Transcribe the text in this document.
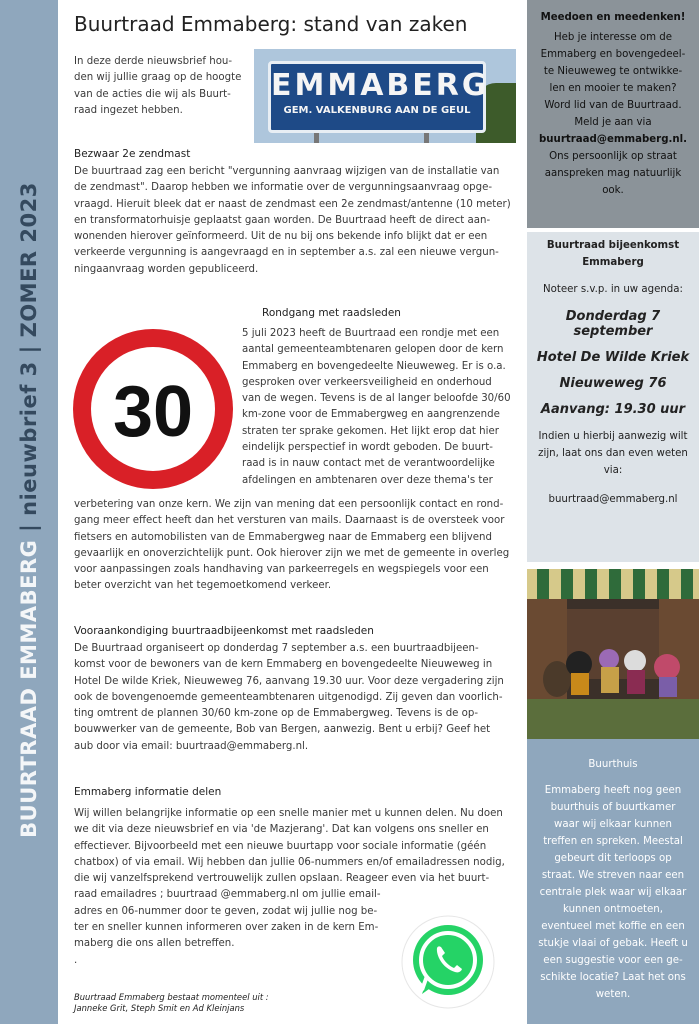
BUURTRAAD EMMABERG | nieuwbrief 3 | ZOMER 2023
Buurtraad Emmaberg: stand van zaken
In deze derde nieuwsbrief hou-
den wij jullie graag op de hoogte
van de acties die wij als Buurt-
raad ingezet hebben.
EMMABERG
GEM. VALKENBURG AAN DE GEUL
Bezwaar 2e zendmast
De buurtraad zag een bericht "vergunning aanvraag wijzigen van de installatie van
de zendmast". Daarop hebben we informatie over de vergunningsaanvraag opge-
vraagd. Hieruit bleek dat er naast de zendmast een 2e zendmast/antenne (10 meter)
en transformatorhuisje geplaatst gaan worden. De Buurtraad heeft de direct aan-
wonenden hierover geïnformeerd. Uit de nu bij ons bekende info blijkt dat er een
verkeerde vergunning is aangevraagd en in september a.s. zal een nieuwe vergun-
ningaanvraag worden gepubliceerd.
Rondgang met raadsleden
30
5 juli 2023 heeft de Buurtraad een rondje met een
aantal gemeenteambtenaren gelopen door de kern
Emmaberg en bovengedeelte Nieuweweg. Er is o.a.
gesproken over verkeersveiligheid en onderhoud
van de wegen. Tevens is de al langer beloofde 30/60
km-zone voor de Emmabergweg en aangrenzende
straten ter sprake gekomen. Het lijkt erop dat hier
eindelijk perspectief in wordt geboden. De buurt-
raad is in nauw contact met de verantwoordelijke
afdelingen en ambtenaren over deze thema's ter
verbetering van onze kern. We zijn van mening dat een persoonlijk contact en rond-
gang meer effect heeft dan het versturen van mails. Daarnaast is de oversteek voor
fietsers en automobilisten van de Emmabergweg naar de Emmaberg een blijvend
gevaarlijk en onoverzichtelijk punt. Ook hierover zijn we met de gemeente in overleg
voor aanpassingen zoals handhaving van parkeerregels en wegspiegels voor een
beter overzicht van het tegemoetkomend verkeer.
Vooraankondiging buurtraadbijeenkomst met raadsleden
De Buurtraad organiseert op donderdag 7 september a.s. een buurtraadbijeen-
komst voor de bewoners van de kern Emmaberg en bovengedeelte Nieuweweg in
Hotel De wilde Kriek, Nieuweweg 76, aanvang 19.30 uur. Voor deze vergadering zijn
ook de bovengenoemde gemeenteambtenaren uitgenodigd. Zij geven dan voorlich-
ting omtrent de plannen 30/60 km-zone op de Emmabergweg. Tevens is de op-
bouwwerker van de gemeente, Bob van Bergen, aanwezig. Bent u erbij? Geef het
aub door via email: buurtraad@emmaberg.nl.
Emmaberg informatie delen
Wij willen belangrijke informatie op een snelle manier met u kunnen delen. Nu doen
we dit via deze nieuwsbrief en via 'de Mazjerang'. Dat kan volgens ons sneller en
effectiever. Bijvoorbeeld met een nieuwe buurtapp voor sociale informatie (géén
chatbox) of via email. Wij hebben dan jullie 06-nummers en/of emailadressen nodig,
die wij vanzelfsprekend vertrouwelijk zullen opslaan. Reageer even via het buurt-
raad emailadres ; buurtraad @emmaberg.nl om jullie email-
adres en 06-nummer door te geven, zodat wij jullie nog be-
ter en sneller kunnen informeren over zaken in de kern Em-
maberg die ons allen betreffen.
.
Buurtraad Emmaberg bestaat momenteel uit :
Janneke Grit, Steph Smit en Ad Kleinjans
Meedoen en meedenken!
Heb je interesse om de
Emmaberg en bovengedeel-
te Nieuweweg te ontwikke-
len en mooier te maken?
Word lid van de Buurtraad.
Meld je aan via
buurtraad@emmaberg.nl.
Ons persoonlijk op straat
aanspreken mag natuurlijk
ook.
Buurtraad bijeenkomst
Emmaberg
Noteer s.v.p. in uw agenda:
Donderdag 7 september
Hotel De Wilde Kriek
Nieuweweg 76
Aanvang: 19.30 uur
Indien u hierbij aanwezig wilt
zijn, laat ons dan even weten
via:
buurtraad@emmaberg.nl
Buurthuis
Emmaberg heeft nog geen
buurthuis of buurtkamer
waar wij elkaar kunnen
treffen en spreken. Meestal
gebeurt dit terloops op
straat. We streven naar een
centrale plek waar wij elkaar
kunnen ontmoeten,
eventueel met koffie en een
stukje vlaai of gebak. Heeft u
een suggestie voor een ge-
schikte locatie? Laat het ons
weten.
